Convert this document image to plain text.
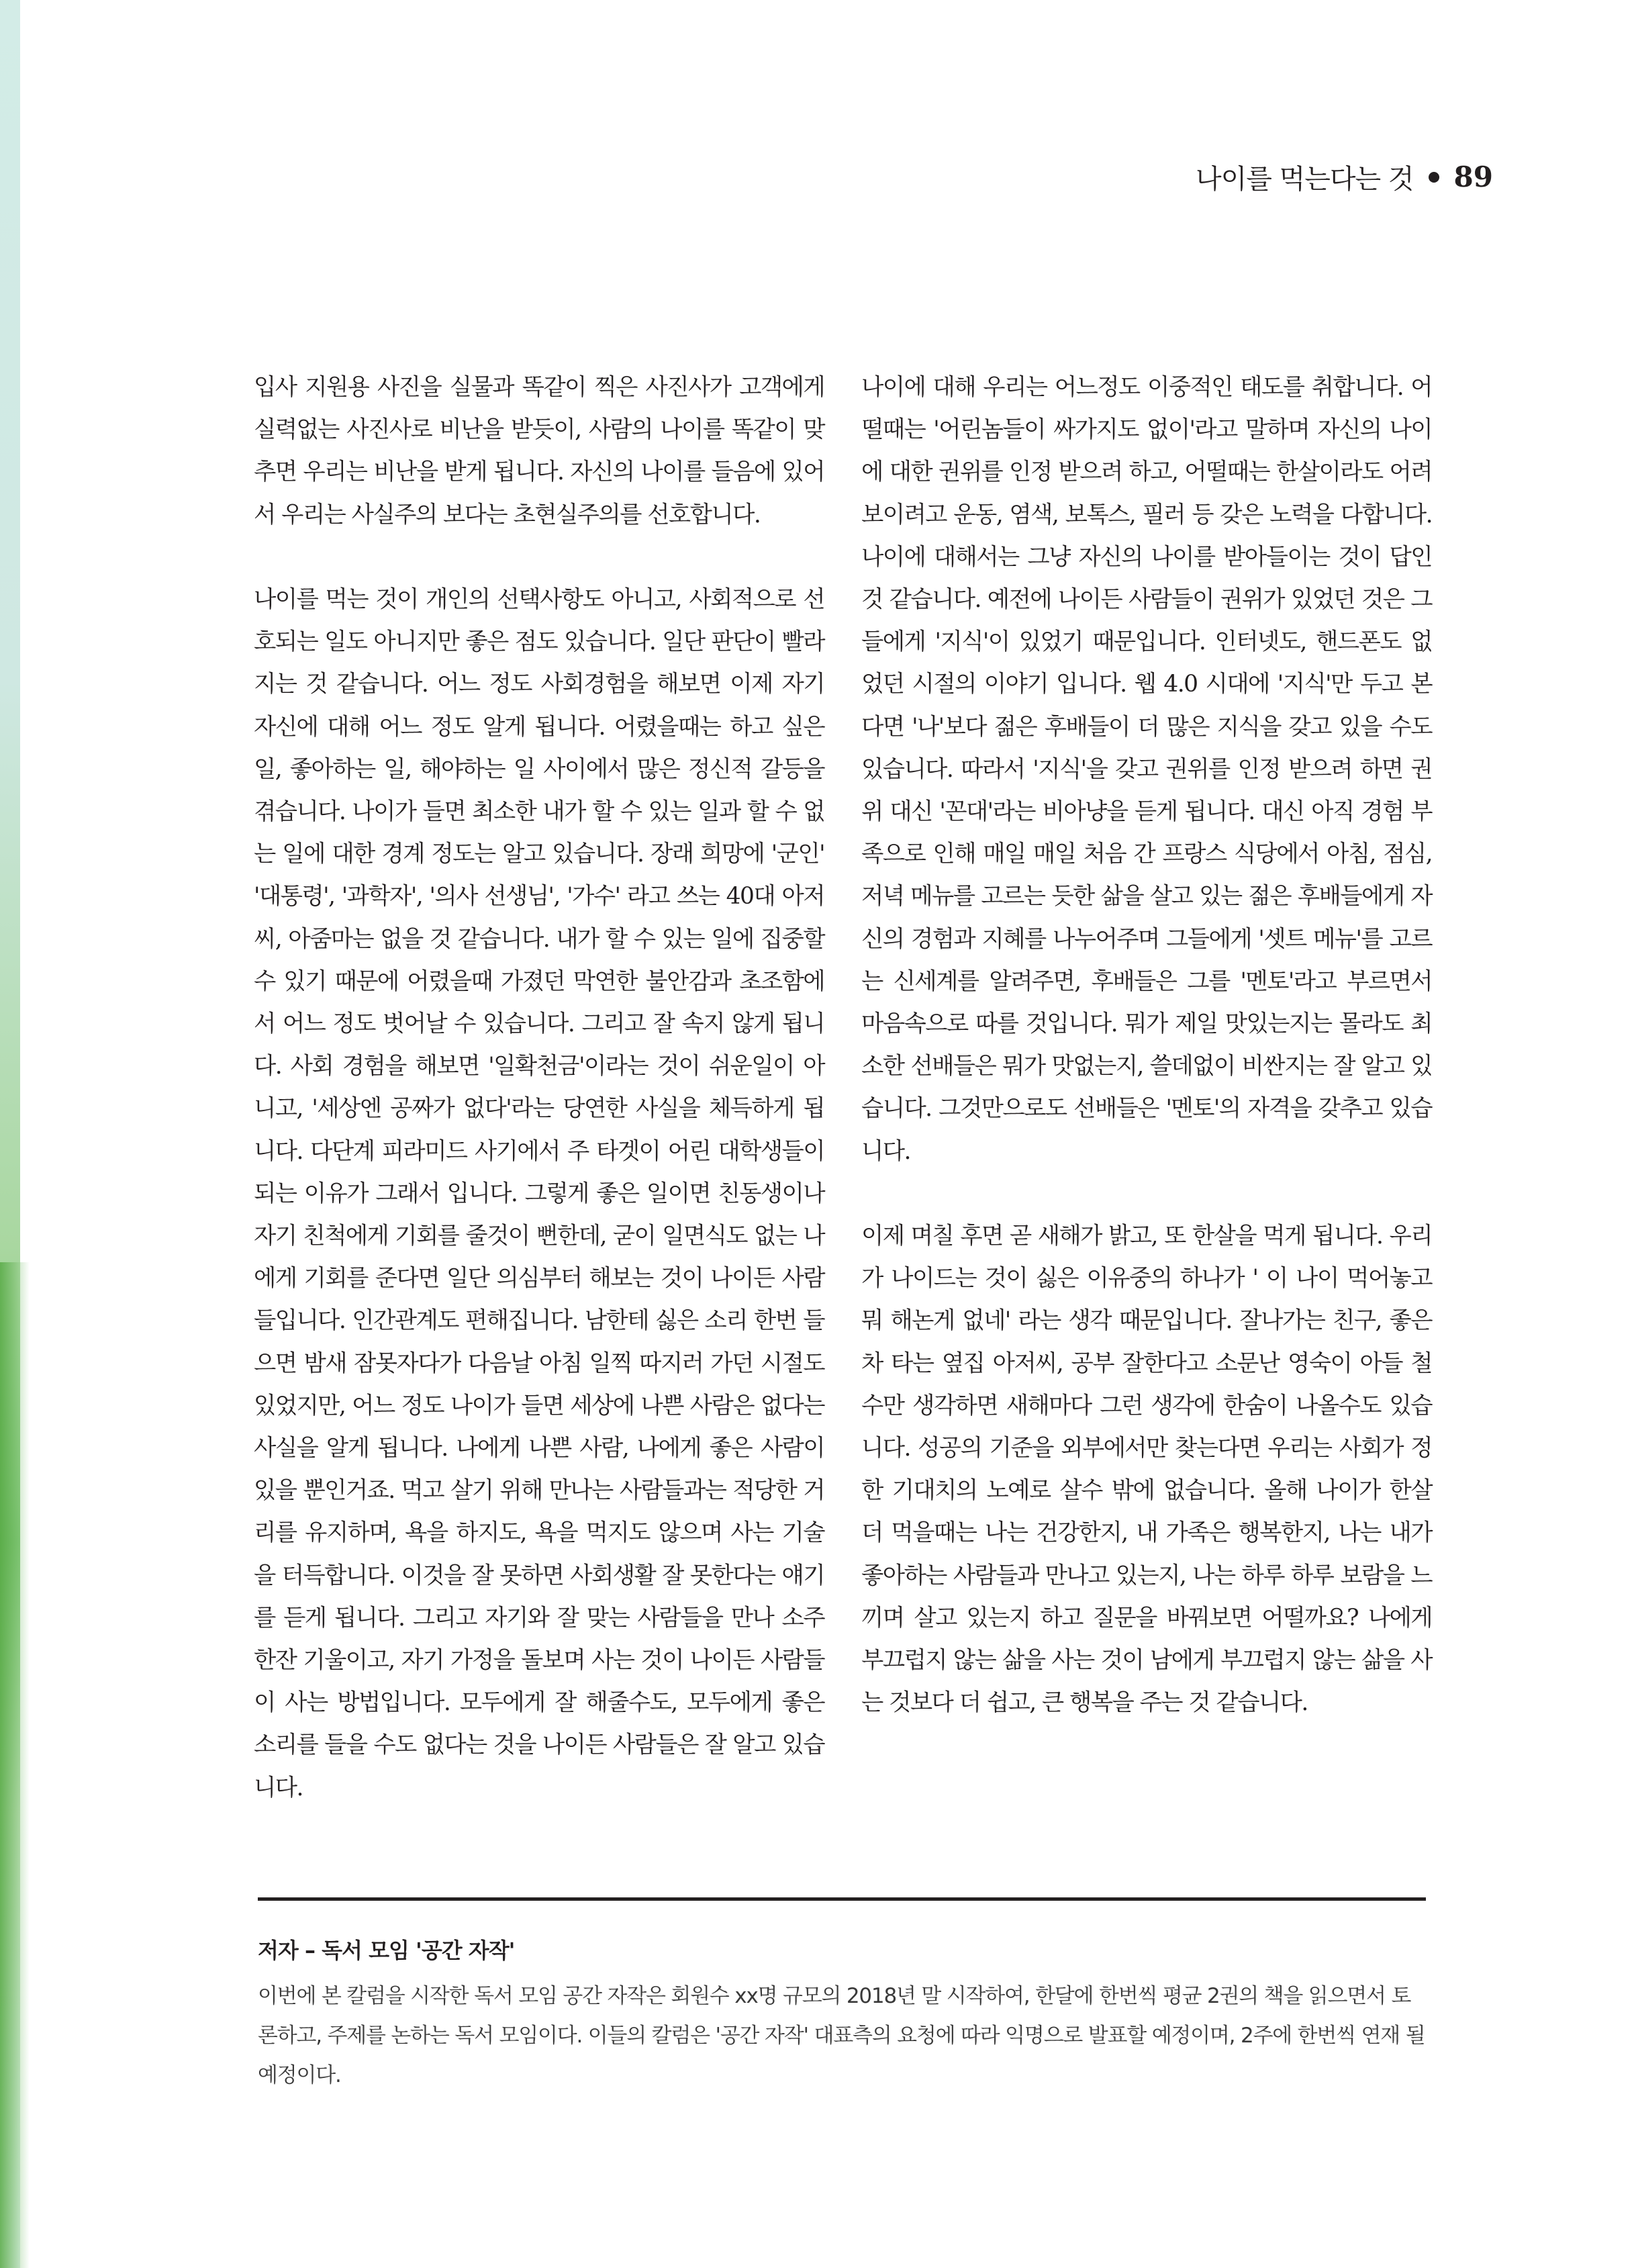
나이를 먹는다는 것 89

입사 지원용 사진을 실물과 똑같이 찍은 사진사가 고객에게 실력없는 사진사로 비난을 받듯이, 사람의 나이를 똑같이 맞추면 우리는 비난을 받게 됩니다. 자신의 나이를 들음에 있어서 우리는 사실주의 보다는 초현실주의를 선호합니다.

나이를 먹는 것이 개인의 선택사항도 아니고, 사회적으로 선호되는 일도 아니지만 좋은 점도 있습니다. 일단 판단이 빨라지는 것 같습니다. 어느 정도 사회경험을 해보면 이제 자기 자신에 대해 어느 정도 알게 됩니다. 어렸을때는 하고 싶은일, 좋아하는 일, 해야하는 일 사이에서 많은 정신적 갈등을 겪습니다. 나이가 들면 최소한 내가 할 수 있는 일과 할 수 없는 일에 대한 경계 정도는 알고 있습니다. 장래 희망에 '군인' '대통령', '과학자', '의사 선생님', '가수' 라고 쓰는 40대 아저씨, 아줌마는 없을 것 같습니다. 내가 할 수 있는 일에 집중할 수 있기 때문에 어렸을때 가졌던 막연한 불안감과 초조함에서 어느 정도 벗어날 수 있습니다. 그리고 잘 속지 않게 됩니다. 사회 경험을 해보면 '일확천금'이라는 것이 쉬운일이 아니고, '세상엔 공짜가 없다'라는 당연한 사실을 체득하게 됩니다. 다단계 피라미드 사기에서 주 타겟이 어린 대학생들이 되는 이유가 그래서 입니다. 그렇게 좋은 일이면 친동생이나 자기 친척에게 기회를 줄것이 뻔한데, 굳이 일면식도 없는 나에게 기회를 준다면 일단 의심부터 해보는 것이 나이든 사람들입니다. 인간관계도 편해집니다. 남한테 싫은 소리 한번 들으면 밤새 잠못자다가 다음날 아침 일찍 따지러 가던 시절도 있었지만, 어느 정도 나이가 들면 세상에 나쁜 사람은 없다는 사실을 알게 됩니다. 나에게 나쁜 사람, 나에게 좋은 사람이 있을 뿐인거죠. 먹고 살기 위해 만나는 사람들과는 적당한 거리를 유지하며, 욕을 하지도, 욕을 먹지도 않으며 사는 기술을 터득합니다. 이것을 잘 못하면 사회생활 잘 못한다는 얘기를 듣게 됩니다. 그리고 자기와 잘 맞는 사람들을 만나 소주 한잔 기울이고, 자기 가정을 돌보며 사는 것이 나이든 사람들이 사는 방법입니다. 모두에게 잘 해줄수도, 모두에게 좋은 소리를 들을 수도 없다는 것을 나이든 사람들은 잘 알고 있습니다.

나이에 대해 우리는 어느정도 이중적인 태도를 취합니다. 어떨때는 '어린놈들이 싸가지도 없이'라고 말하며 자신의 나이에 대한 권위를 인정 받으려 하고, 어떨때는 한살이라도 어려 보이려고 운동, 염색, 보톡스, 필러 등 갖은 노력을 다합니다. 나이에 대해서는 그냥 자신의 나이를 받아들이는 것이 답인것 같습니다. 예전에 나이든 사람들이 권위가 있었던 것은 그들에게 '지식'이 있었기 때문입니다. 인터넷도, 핸드폰도 없었던 시절의 이야기 입니다. 웹 4.0 시대에 '지식'만 두고 본다면 '나'보다 젊은 후배들이 더 많은 지식을 갖고 있을 수도 있습니다. 따라서 '지식'을 갖고 권위를 인정 받으려 하면 권위 대신 '꼰대'라는 비아냥을 듣게 됩니다. 대신 아직 경험 부족으로 인해 매일 매일 처음 간 프랑스 식당에서 아침, 점심, 저녁 메뉴를 고르는 듯한 삶을 살고 있는 젊은 후배들에게 자신의 경험과 지혜를 나누어주며 그들에게 '셋트 메뉴'를 고르는 신세계를 알려주면, 후배들은 그를 '멘토'라고 부르면서 마음속으로 따를 것입니다. 뭐가 제일 맛있는지는 몰라도 최소한 선배들은 뭐가 맛없는지, 쓸데없이 비싼지는 잘 알고 있습니다. 그것만으로도 선배들은 '멘토'의 자격을 갖추고 있습니다.

이제 며칠 후면 곧 새해가 밝고, 또 한살을 먹게 됩니다. 우리가 나이드는 것이 싫은 이유중의 하나가 ' 이 나이 먹어놓고 뭐 해논게 없네' 라는 생각 때문입니다. 잘나가는 친구, 좋은 차 타는 옆집 아저씨, 공부 잘한다고 소문난 영숙이 아들 철수만 생각하면 새해마다 그런 생각에 한숨이 나올수도 있습니다. 성공의 기준을 외부에서만 찾는다면 우리는 사회가 정한 기대치의 노예로 살수 밖에 없습니다. 올해 나이가 한살 더 먹을때는 나는 건강한지, 내 가족은 행복한지, 나는 내가 좋아하는 사람들과 만나고 있는지, 나는 하루 하루 보람을 느끼며 살고 있는지 하고 질문을 바꿔보면 어떨까요? 나에게 부끄럽지 않는 삶을 사는 것이 남에게 부끄럽지 않는 삶을 사는 것보다 더 쉽고, 큰 행복을 주는 것 같습니다.

저자 – 독서 모임 '공간 자작'
이번에 본 칼럼을 시작한 독서 모임 공간 자작은 회원수 xx명 규모의 2018년 말 시작하여, 한달에 한번씩 평균 2권의 책을 읽으면서 토론하고, 주제를 논하는 독서 모임이다. 이들의 칼럼은 '공간 자작' 대표측의 요청에 따라 익명으로 발표할 예정이며, 2주에 한번씩 연재 될 예정이다.
